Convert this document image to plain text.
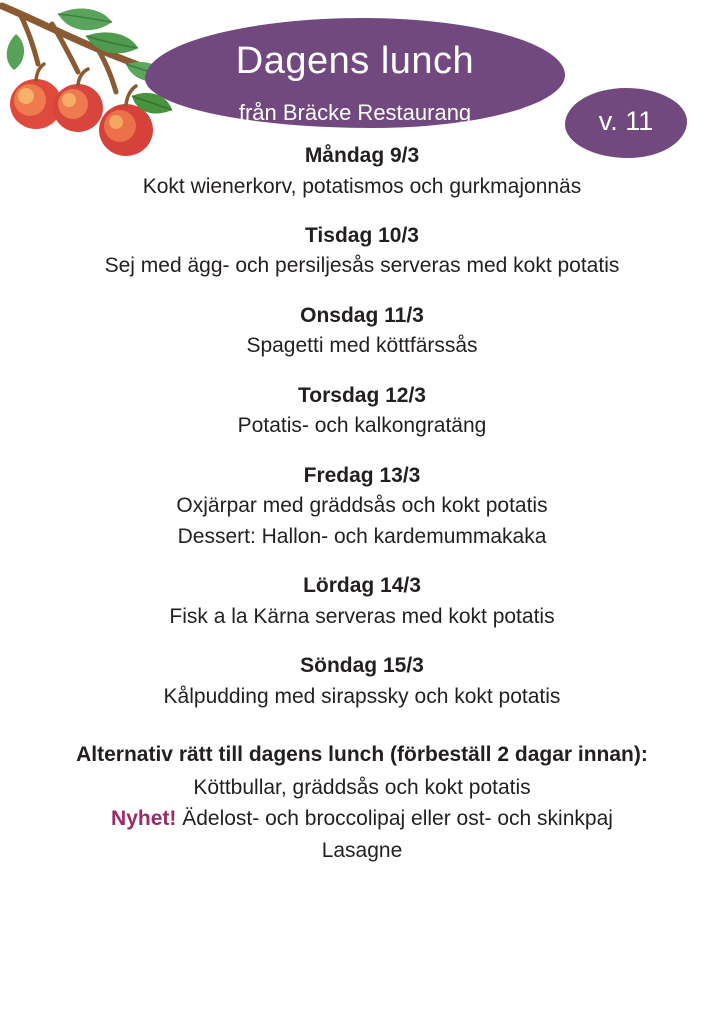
Dagens lunch
från Bräcke Restaurang	v. 11
Måndag 9/3
Kokt wienerkorv, potatismos och gurkmajonnäs
Tisdag 10/3
Sej med ägg- och persiljesås serveras med kokt potatis
Onsdag 11/3
Spagetti med köttfärssås
Torsdag 12/3
Potatis- och kalkongratäng
Fredag 13/3
Oxjärpar med gräddsås och kokt potatis
Dessert: Hallon- och kardemummakaka
Lördag 14/3
Fisk a la Kärna serveras med kokt potatis
Söndag 15/3
Kålpudding med sirapssky och kokt potatis
Alternativ rätt till dagens lunch (förbeställ 2 dagar innan):
Köttbullar, gräddsås och kokt potatis
Nyhet! Ädelost- och broccolipaj eller ost- och skinkpaj
Lasagne
